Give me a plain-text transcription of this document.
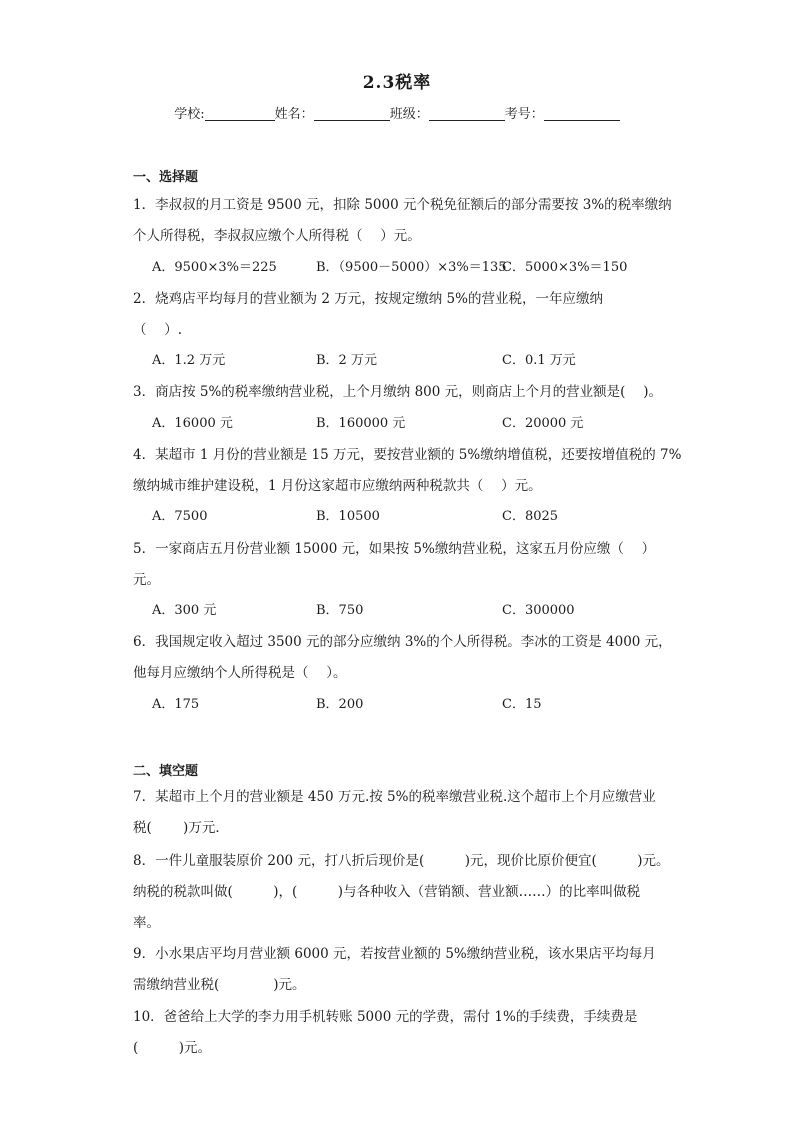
2.3税率
学校:	姓名：	班级：	考号：
一、选择题
1．李叔叔的月工资是 9500 元，扣除 5000 元个税免征额后的部分需要按 3%的税率缴纳
个人所得税，李叔叔应缴个人所得税（　 ）元。
A．9500×3%＝225	B．（9500－5000）×3%＝135
C．5000×3%＝150
2．烧鸡店平均每月的营业额为 2 万元，按规定缴纳 5%的营业税，一年应缴纳
（　 ）.
A．1.2 万元	B．2 万元	C．0.1 万元
3．商店按 5%的税率缴纳营业税，上个月缴纳 800 元，则商店上个月的营业额是(　 )。
A．16000 元	B．160000 元	C．20000 元
4．某超市 1 月份的营业额是 15 万元，要按营业额的 5%缴纳增值税，还要按增值税的 7%
缴纳城市维护建设税，1 月份这家超市应缴纳两种税款共（　 ）元。
A．7500	B．10500	C．8025
5．一家商店五月份营业额 15000 元，如果按 5%缴纳营业税，这家五月份应缴（　 ）
元。
A．300 元	B．750	C．300000
6．我国规定收入超过 3500 元的部分应缴纳 3%的个人所得税。李冰的工资是 4000 元，
他每月应缴纳个人所得税是（　 ）。
A．175	B．200	C．15
二、填空题
7．某超市上个月的营业额是 450 万元.按 5%的税率缴营业税.这个超市上个月应缴营业
税(　　 )万元．
8．一件儿童服装原价 200 元，打八折后现价是(　　　)元，现价比原价便宜(　　　)元。
纳税的税款叫做(　　　)，(　　　)与各种收入（营销额、营业额……）的比率叫做税
率。
9．小水果店平均月营业额 6000 元，若按营业额的 5%缴纳营业税，该水果店平均每月
需缴纳营业税(　　　　)元。
10．爸爸给上大学的李力用手机转账 5000 元的学费，需付 1%的手续费，手续费是
(　　　)元。
